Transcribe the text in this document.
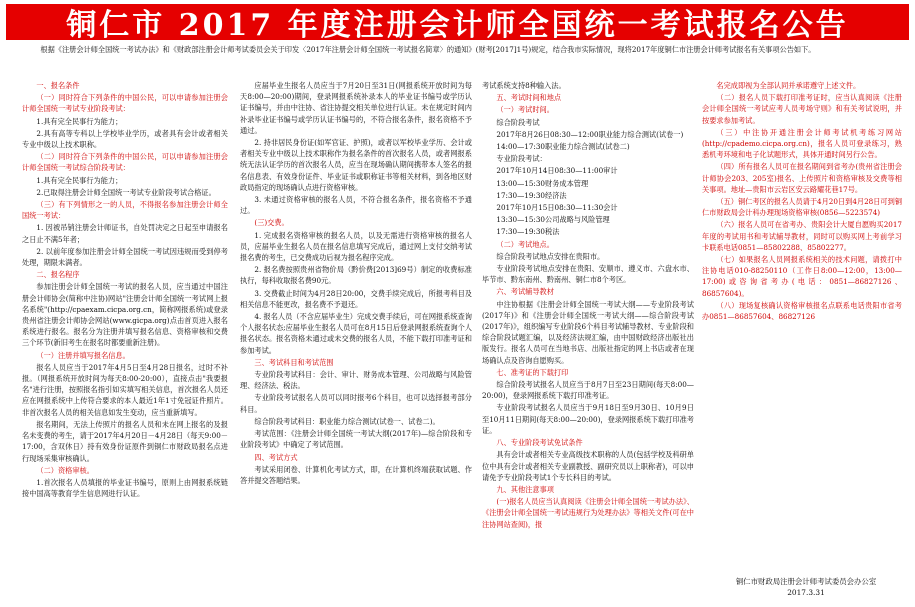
铜仁市 2017 年度注册会计师全国统一考试报名公告
根据《注册会计师全国统一考试办法》和《财政部注册会计师考试委员会关于印发〈2017年注册会计师全国统一考试报名简章〉的通知》(财考[2017]1号)规定，结合我市实际情况，现将2017年度铜仁市注册会计师考试报名有关事项公告如下。

一、报名条件

（一）同时符合下列条件的中国公民，可以申请参加注册会计师全国统一考试专业阶段考试：

1.具有完全民事行为能力；

2.具有高等专科以上学校毕业学历，或者具有会计或者相关专业中级以上技术职称。

（二）同时符合下列条件的中国公民，可以申请参加注册会计师全国统一考试综合阶段考试：

1.具有完全民事行为能力；

2.已取得注册会计师全国统一考试专业阶段考试合格证。

（三）有下列情形之一的人员，不得报名参加注册会计师全国统一考试：

1. 因被吊销注册会计师证书，自处罚决定之日起至申请报名之日止不满5年者；

2. 以前年度参加注册会计师全国统一考试因违规而受到停考处理，期限未满者。

二、报名程序

参加注册会计师全国统一考试的报名人员，应当通过中国注册会计师协会(简称中注协)网站"注册会计师全国统一考试网上报名系统"(http://cpaexam.cicpa.org.cn，简称网报系统)或登录贵州省注册会计师协会网站(www.gicpa.org)点击首页进入报名系统进行报名。报名分为注册并填写报名信息、资格审核和交费三个环节(新旧考生在报名时都要重新注册)。

（一）注册并填写报名信息。

报名人员应当于2017年4月5日至4月28日报名，过时不补报。（网报系统开放时间为每天8:00-20:00），直接点击"我要报名"进行注册，按照报名指引如实填写相关信息，首次报名人员还应在网报系统中上传符合要求的本人最近1年1寸免冠证件照片。非首次报名人员的相关信息如发生变动，应当重新填写。

报名期间，无法上传照片的报名人员和未在网上报名的及报名未变费的考生，请于2017年4月20日－4月28日（每天9:00－17:00，含双休日）持有效身份证原件到铜仁市财政局报名点进行现场采集审核确认。

（二）资格审核。

1.首次报名人员填报的毕业证书编号，原则上由网报系统链接中国高等教育学生信息网进行认证。

应届毕业生报名人员应当于7月20日至31日(网报系统开放时间为每天8:00—20:00)期间，登录网报系统补录本人的毕业证书编号或学历认证书编号，并由中注协、省注协提交相关单位进行认证。未在规定时间内补录毕业证书编号或学历认证书编号的，不符合报名条件，报名资格不予通过。

2. 持非居民身份证(如军官证、护照)，或者以军校毕业学历、会计或者相关专业中级以上技术职称作为报名条件的首次报名人员，或者网报系统无法认证学历的首次报名人员，应当在现场确认期间携带本人签名的报名信息表、有效身份证件、毕业证书或职称证书等相关材料，到各地区财政局指定的现场确认点进行资格审核。

3. 未通过资格审核的报名人员，不符合报名条件，报名资格不予通过。

(三)交费。

1. 完成报名资格审核的报名人员，以及无需进行资格审核的报名人员，应届毕业生报名人员在报名信息填写完成后，通过网上支付交纳考试报名费的考生，已交费成功后视为报名程序完成。

2. 报名费按照贵州省物价局（黔价费[2013]69号）制定的收费标准执行，每科收取报名费90元。

3. 交费截止时间为4月28日20:00，交费手续完成后，所报考科目及相关信息不能更改，报名费不予退还。

4. 报名人员（不含应届毕业生）完成交费手续后，可在网报系统查询个人报名状态;应届毕业生报名人员可在8月15日后登录网报系统查询个人报名状态。报名资格未通过或未交费的报名人员，不能下载打印准考证和参加考试。

三、考试科目和考试范围

专业阶段考试科目：会计、审计、财务成本管理、公司战略与风险管理、经济法、税法。

专业阶段考试报名人员可以同时报考6个科目，也可以选择报考部分科目。

综合阶段考试科目：职业能力综合测试(试卷一、试卷二)。

考试范围：《注册会计师全国统一考试大纲(2017年)—综合阶段和专业阶段考试》中确定了考试范围。

四、考试方式

考试采用闭卷、计算机化考试方式，即，在计算机终端获取试题、作答并提交答题结果。

考试系统支持8种输入法。

五、考试时间和地点

（一）考试时间。

综合阶段考试

2017年8月26日08:30—12:00职业能力综合测试(试卷一)

14:00—17:30职业能力综合测试(试卷二)

专业阶段考试：

2017年10月14日08:30—11:00审计

13:00—15:30财务成本管理

17:30—19:30经济法

2017年10月15日08:30—11:30会计

13:30—15:30公司战略与风险管理

17:30—19:30税法

（二）考试地点。

综合阶段考试地点安排在贵阳市。

专业阶段考试地点安排在贵阳、安顺市、遵义市、六盘水市、毕节市、黔东南州、黔南州、铜仁市8个考区。

六、考试辅导教材

中注协根据《注册会计师全国统一考试大纲——专业阶段考试(2017年)》和《注册会计师全国统一考试大纲——综合阶段考试(2017年)》，组织编写专业阶段6个科目考试辅导教材、专业阶段和综合阶段试题汇编，以及经济法规汇编，由中国财政经济出版社出版发行。报名人员可在当地书店、出版社指定的网上书店或者在现场确认点及咨询自愿购买。

七、准考证的下载打印

综合阶段考试报名人员应当于8月7日至23日期间(每天8:00—20:00)，登录网报系统下载打印准考证。

专业阶段考试报名人员应当于9月18日至9月30日、10月9日至10月11日期间(每天8:00—20:00)，登录网报系统下载打印准考证。

八、专业阶段考试免试条件

具有会计或者相关专业高级技术职称的人员(包括学校及科研单位中具有会计或者相关专业副教授、副研究员以上职称者)，可以申请免予专业阶段考试1个专长科目的考试。

九、其他注意事项

(一)报名人员应当认真阅读《注册会计师全国统一考试办法》、《注册会计师全国统一考试违规行为处理办法》等相关文件(可在中注协网站查阅)，报

名完成即视为全部认同并承诺遵守上述文件。

（二）报名人员下载打印准考证时，应当认真阅读《注册会计师全国统一考试应考人员考场守则》和有关考试说明，并按要求参加考试。

（三）中注协开通注册会计师考试机考练习网站(http://cpademo.cicpa.org.cn)，报名人员可登录练习，熟悉机考环境和电子化试题形式，具体开通时间另行公告。

（四）所有报名人员可在报名期间到省考办(贵州省注册会计师协会203、205室)报名、上传照片和资格审核及交费等相关事项。地址—贵阳市云岩区安云路耀花巷17号。

（五）铜仁考区的报名人员请于4月20日到4月28日可到铜仁市财政局会计科办理现场资格审核(0856—5223574)

（六）报名人员可在省考办、贵阳会计大厦自愿购买2017年度的考试用书和考试辅导教材，同时可以购买网上考前学习卡联系电话0851—85802288、85802277。

（七）如果报名人员网报系统相关的技术问题，请拨打中注协电话010-88250110（工作日8:00—12:00，13:00—17:00)或咨询省考办(电话：0851—86827126、86857604)。

（八）现场复核确认资格审核报名点联系电话贵阳市省考办0851—86857604、86827126

铜仁市财政局注册会计师考试委员会办公室
2017.3.31
